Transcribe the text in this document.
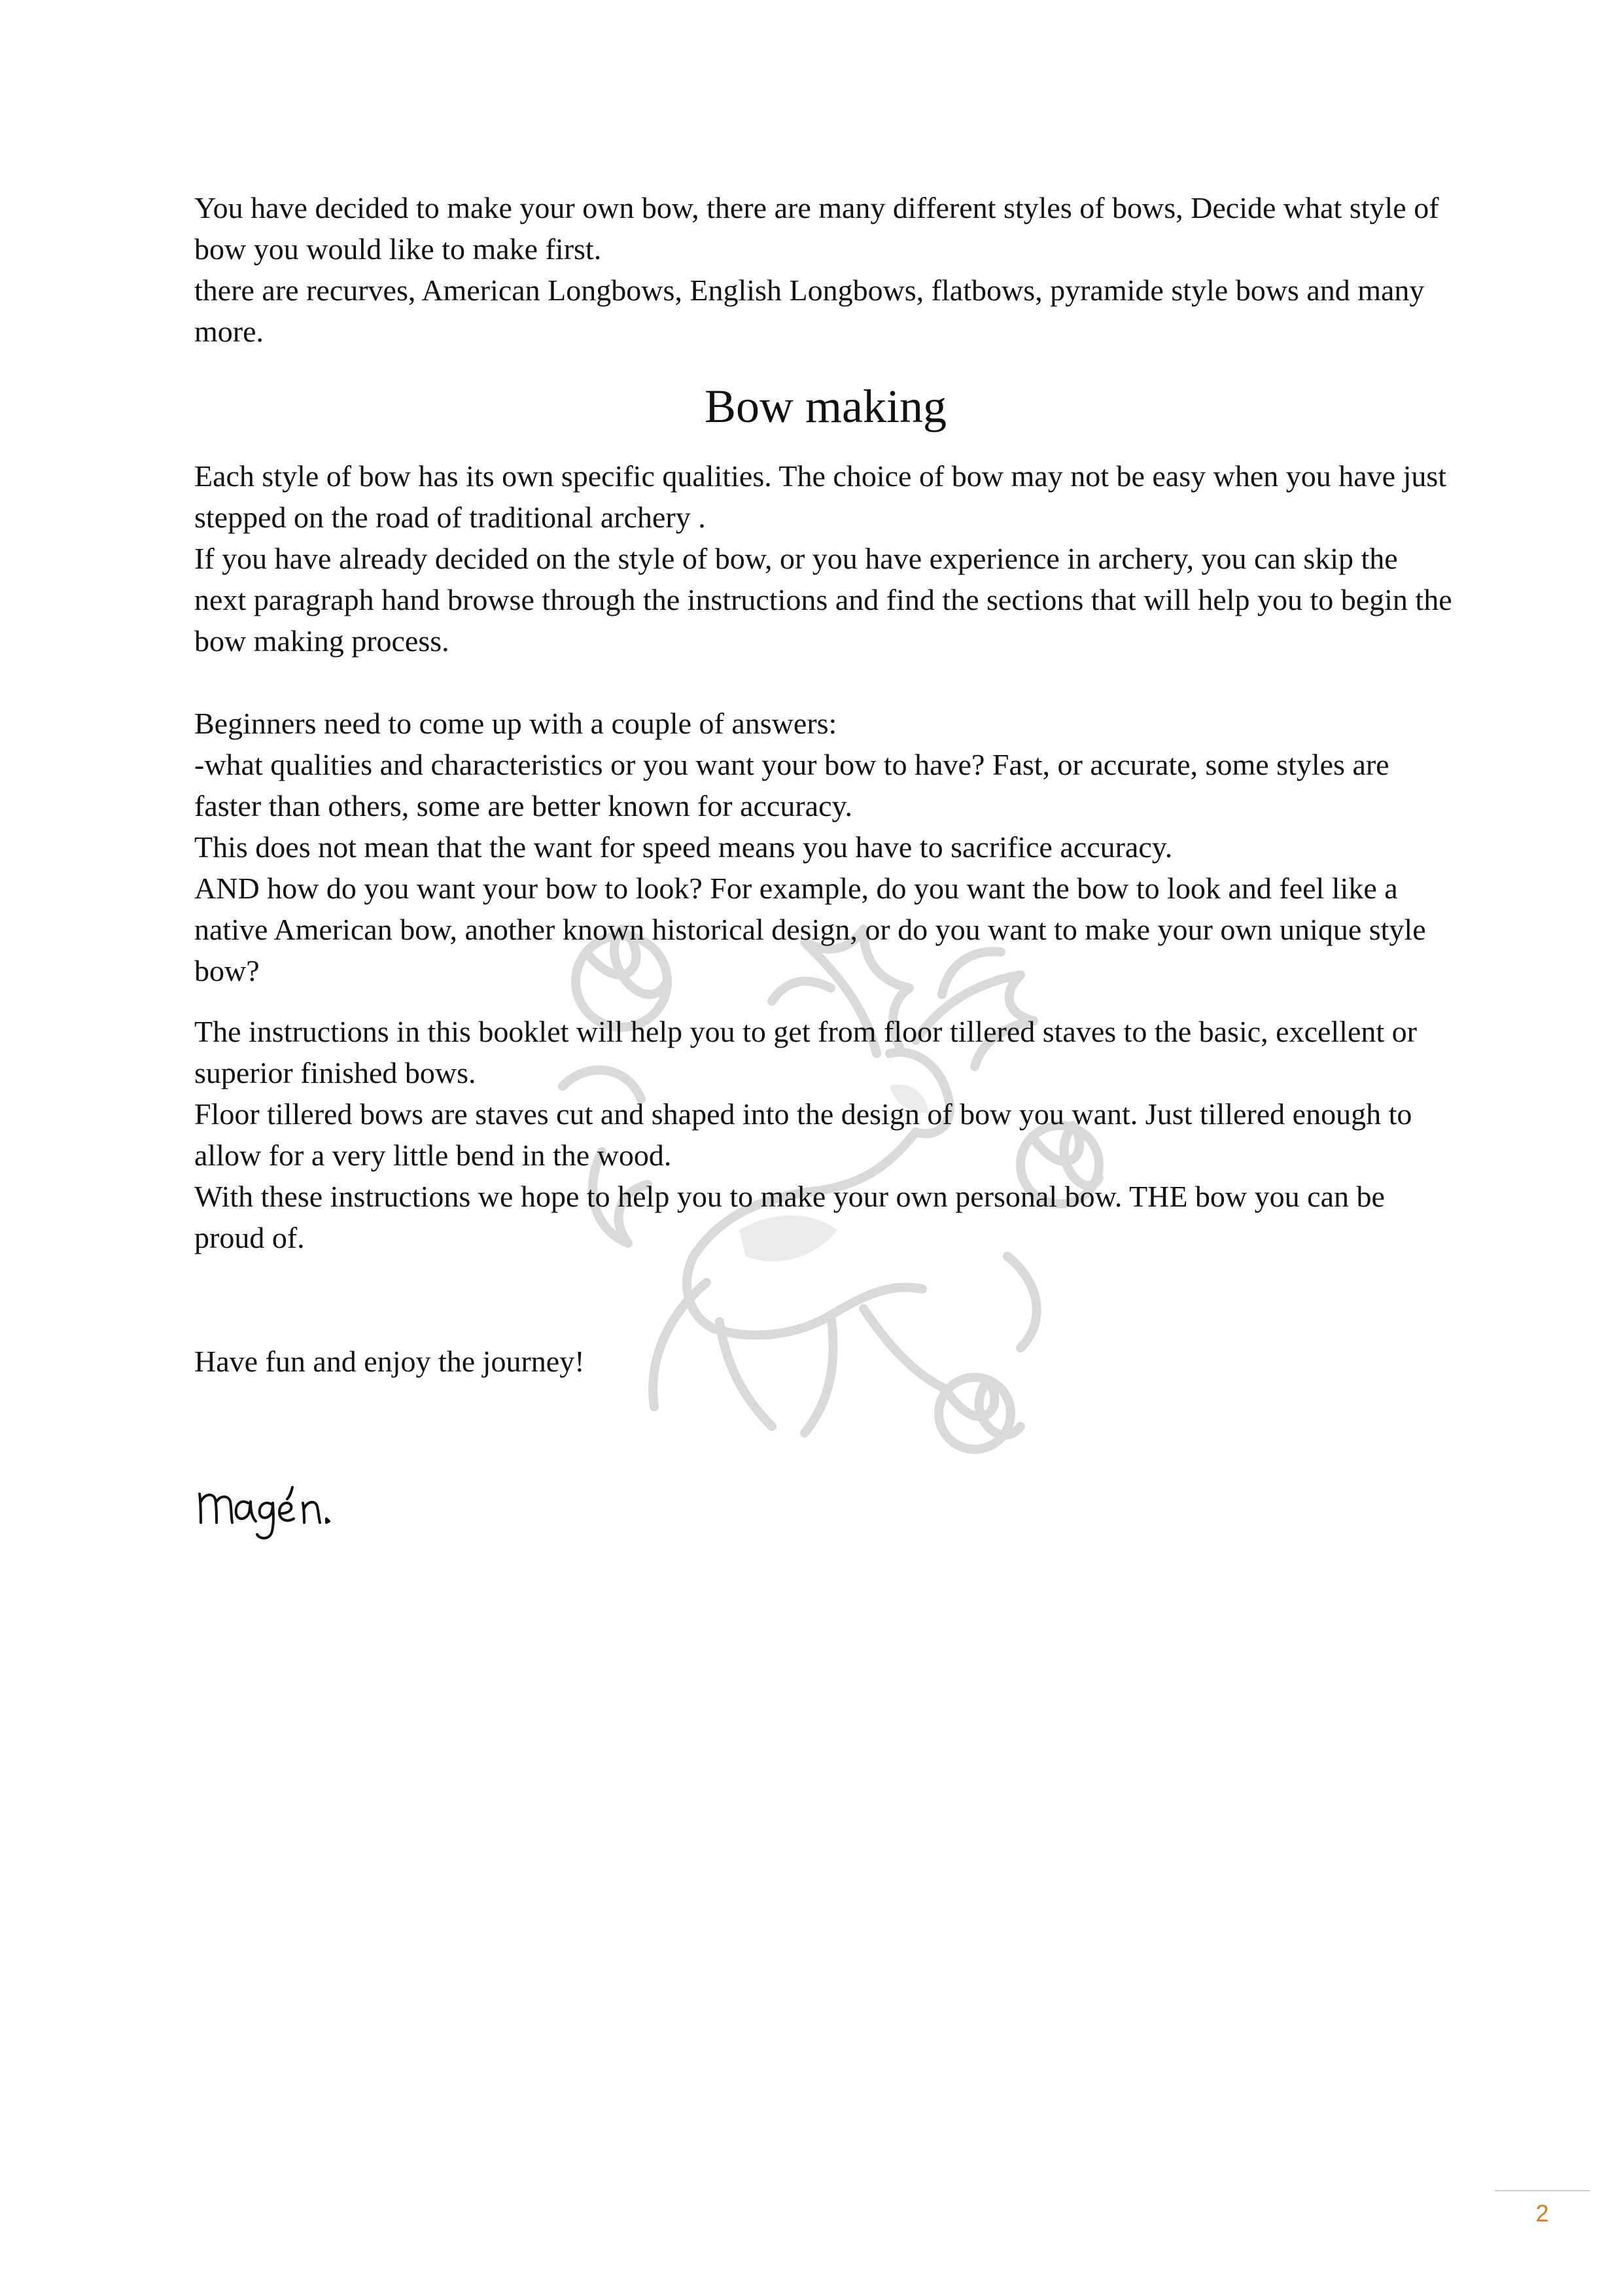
You have decided to make your own bow, there are many different styles of bows, Decide what style of bow you would like to make first.

there are recurves, American Longbows, English Longbows, flatbows, pyramide style bows and many more.

Bow making

Each style of bow has its own specific qualities. The choice of bow may not be easy when you have just stepped on the road of traditional archery .

If you have already decided on the style of bow, or you have experience in archery, you can skip the next paragraph hand browse through the instructions and find the sections that will help you to begin the bow making process.

Beginners need to come up with a couple of answers:

-what qualities and characteristics or you want your bow to have? Fast, or accurate, some styles are faster than others, some are better known for accuracy.

This does not mean that the want for speed means you have to sacrifice accuracy.

AND how do you want your bow to look? For example, do you want the bow to look and feel like a native American bow, another known historical design, or do you want to make your own unique style bow?

The instructions in this booklet will help you to get from floor tillered staves to the basic, excellent or superior finished bows.

Floor tillered bows are staves cut and shaped into the design of bow you want. Just tillered enough to allow for a very little bend in the wood.

With these instructions we hope to help you to make your own personal bow. THE bow you can be proud of.

Have fun and enjoy the journey!

2
